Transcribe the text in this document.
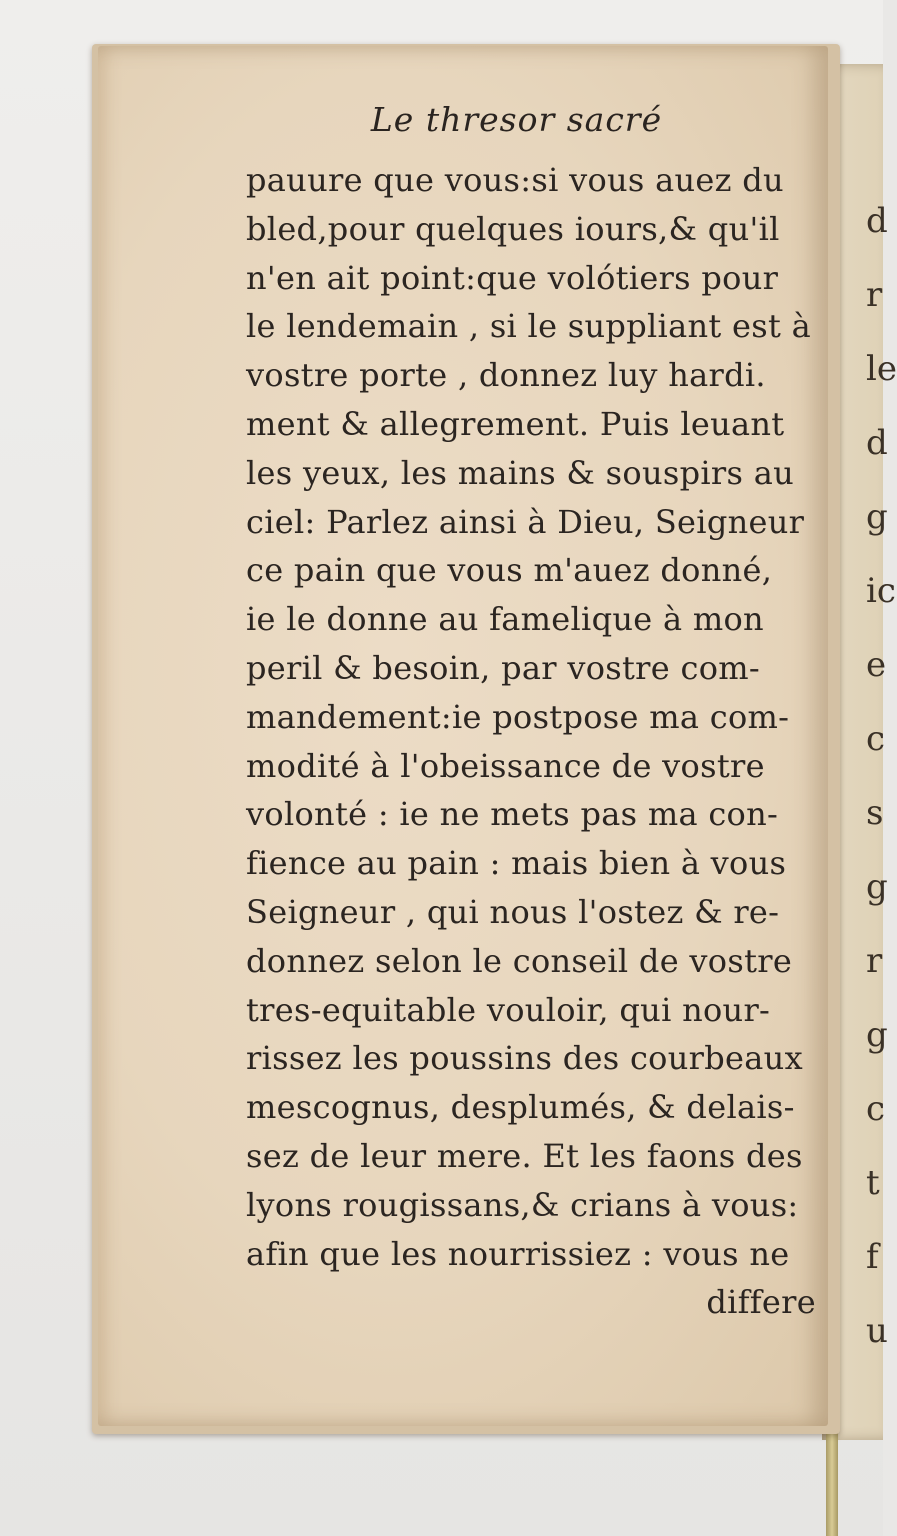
d
r
le
d
g
ic
e
c
s
g
r
g
c
t
f
u
Le thresor sacré
pauure que vous:si vous auez du
bled,pour quelques iours,& qu'il
n'en ait point:que volótiers pour
le lendemain , si le suppliant est à
vostre porte , donnez luy hardi.
ment & allegrement. Puis leuant
les yeux, les mains & souspirs au
ciel: Parlez ainsi à Dieu, Seigneur
ce pain que vous m'auez donné,
ie le donne au famelique à mon
peril & besoin, par vostre com-
mandement:ie postpose ma com-
modité à l'obeissance de vostre
volonté : ie ne mets pas ma con-
fience au pain : mais bien à vous
Seigneur , qui nous l'ostez & re-
donnez selon le conseil de vostre
tres-equitable vouloir, qui nour-
rissez les poussins des courbeaux
mescognus, desplumés, & delais-
sez de leur mere. Et les faons des
lyons rougissans,& crians à vous:
afin que les nourrissiez : vous ne
differe
